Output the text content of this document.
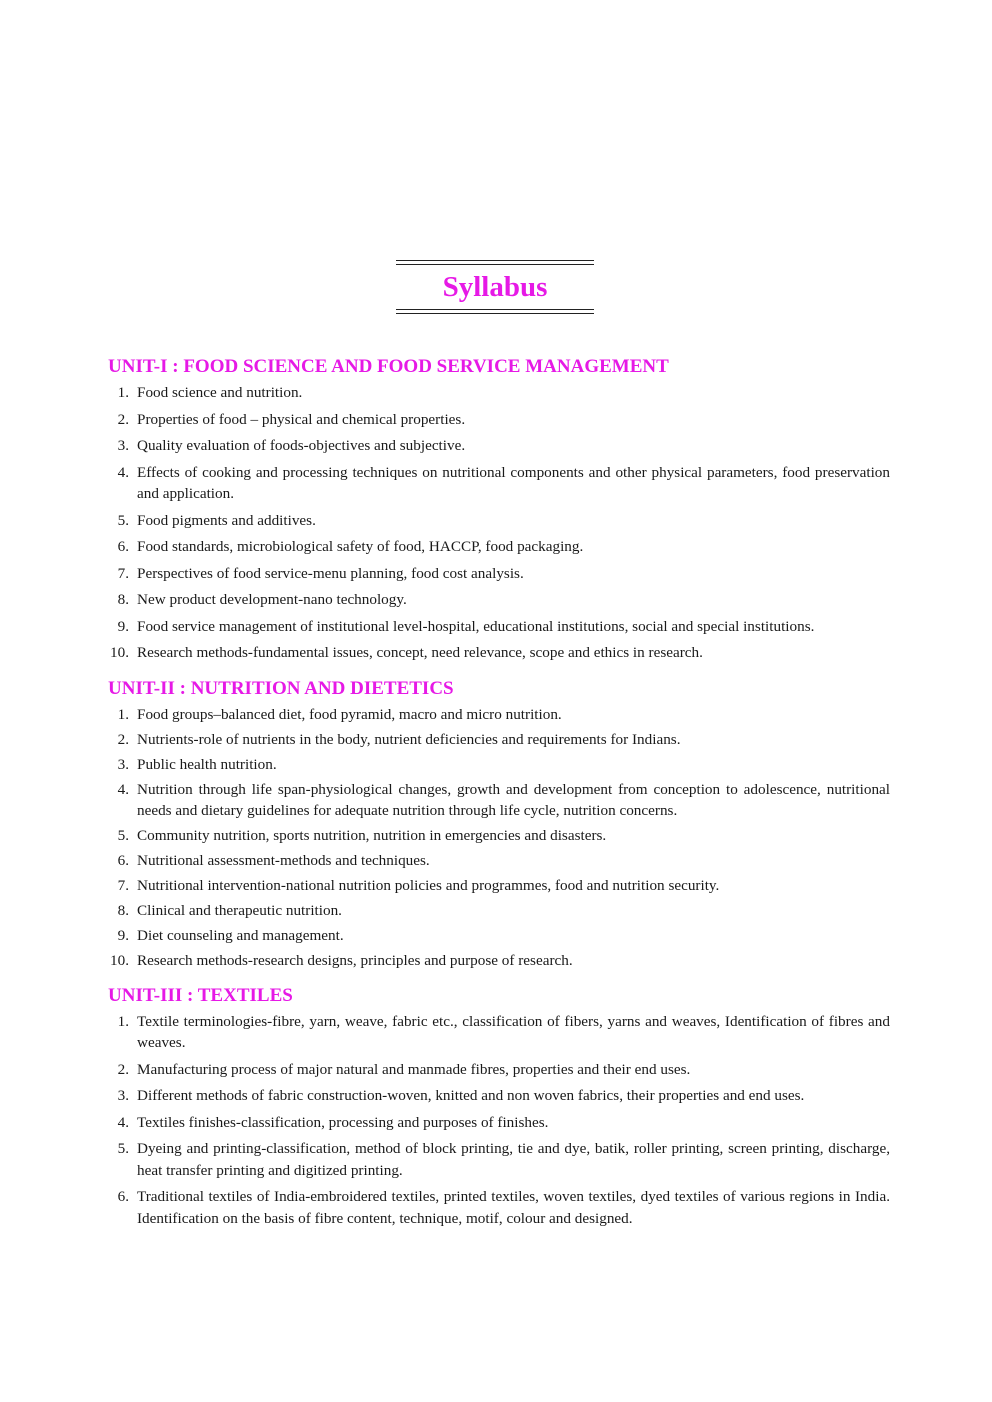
Syllabus
UNIT-I : FOOD SCIENCE AND FOOD SERVICE MANAGEMENT
1. Food science and nutrition.
2. Properties of food – physical and chemical properties.
3. Quality evaluation of foods-objectives and subjective.
4. Effects of cooking and processing techniques on nutritional components and other physical parameters, food preservation and application.
5. Food pigments and additives.
6. Food standards, microbiological safety of food, HACCP, food packaging.
7. Perspectives of food service-menu planning, food cost analysis.
8. New product development-nano technology.
9. Food service management of institutional level-hospital, educational institutions, social and special institutions.
10. Research methods-fundamental issues, concept, need relevance, scope and ethics in research.
UNIT-II : NUTRITION AND DIETETICS
1. Food groups–balanced diet, food pyramid, macro and micro nutrition.
2. Nutrients-role of nutrients in the body, nutrient deficiencies and requirements for Indians.
3. Public health nutrition.
4. Nutrition through life span-physiological changes, growth and development from conception to adolescence, nutritional needs and dietary guidelines for adequate nutrition through life cycle, nutrition concerns.
5. Community nutrition, sports nutrition, nutrition in emergencies and disasters.
6. Nutritional assessment-methods and techniques.
7. Nutritional intervention-national nutrition policies and programmes, food and nutrition security.
8. Clinical and therapeutic nutrition.
9. Diet counseling and management.
10. Research methods-research designs, principles and purpose of research.
UNIT-III : TEXTILES
1. Textile terminologies-fibre, yarn, weave, fabric etc., classification of fibers, yarns and weaves, Identification of fibres and weaves.
2. Manufacturing process of major natural and manmade fibres, properties and their end uses.
3. Different methods of fabric construction-woven, knitted and non woven fabrics, their properties and end uses.
4. Textiles finishes-classification, processing and purposes of finishes.
5. Dyeing and printing-classification, method of block printing, tie and dye, batik, roller printing, screen printing, discharge, heat transfer printing and digitized printing.
6. Traditional textiles of India-embroidered textiles, printed textiles, woven textiles, dyed textiles of various regions in India. Identification on the basis of fibre content, technique, motif, colour and designed.
